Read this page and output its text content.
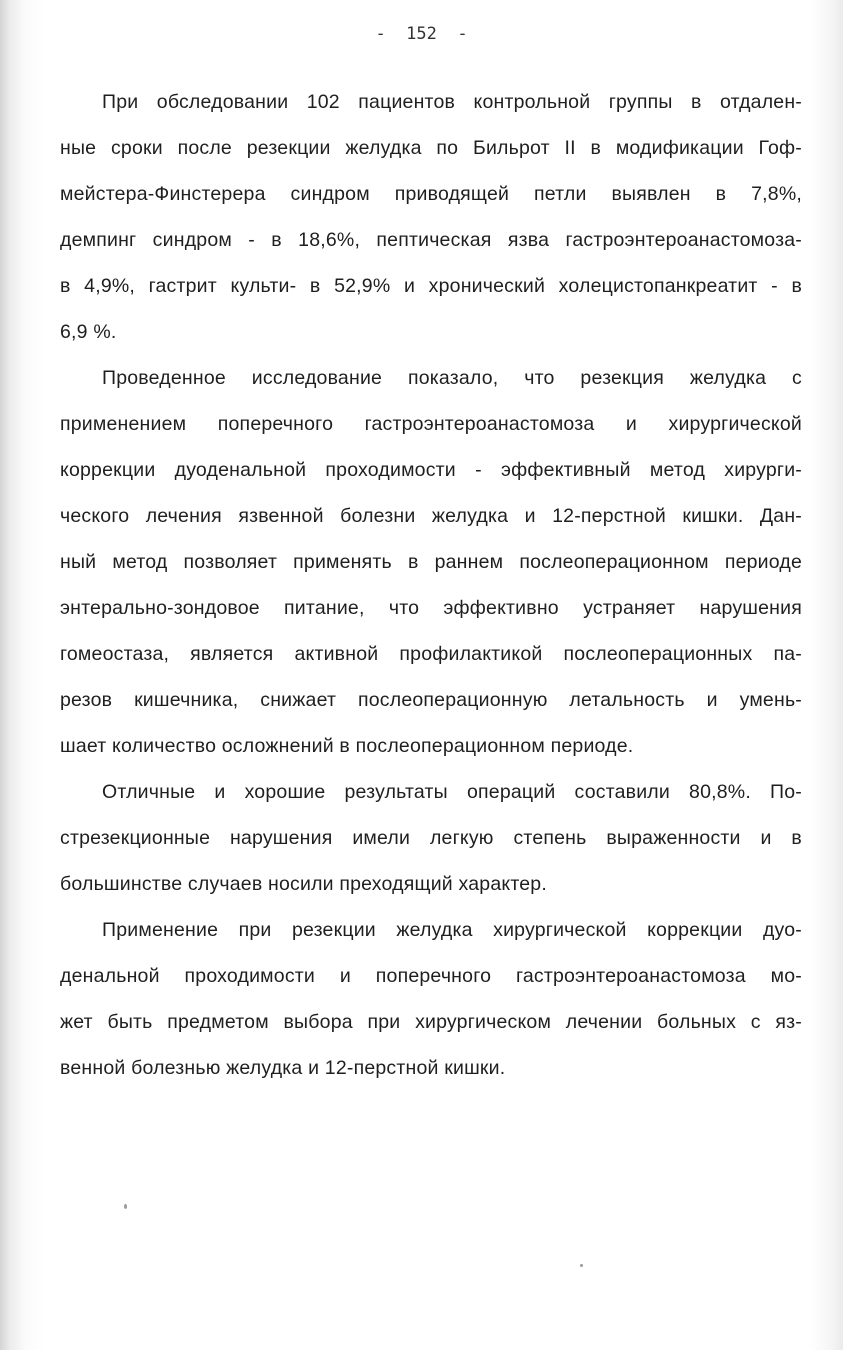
-  152  -
При обследовании 102 пациентов контрольной группы в отдален-
ные сроки после резекции желудка по Бильрот II в модификации Гоф-
мейстера-Финстерера синдром приводящей петли выявлен в 7,8%,
демпинг синдром - в 18,6%, пептическая язва гастроэнтероанастомоза-
в 4,9%, гастрит культи- в 52,9% и хронический холецистопанкреатит - в
6,9 %.
Проведенное исследование показало, что резекция желудка с
применением поперечного гастроэнтероанастомоза и хирургической
коррекции дуоденальной проходимости - эффективный метод хирурги-
ческого лечения язвенной болезни желудка и 12-перстной кишки. Дан-
ный метод позволяет применять в раннем послеоперационном периоде
энтерально-зондовое питание, что эффективно устраняет нарушения
гомеостаза, является активной профилактикой послеоперационных па-
резов кишечника, снижает послеоперационную летальность и умень-
шает количество осложнений в послеоперационном периоде.
Отличные и хорошие результаты операций составили 80,8%. По-
стрезекционные нарушения имели легкую степень выраженности и в
большинстве случаев носили преходящий характер.
Применение при резекции желудка хирургической коррекции дуо-
денальной проходимости и поперечного гастроэнтероанастомоза мо-
жет быть предметом выбора при хирургическом лечении больных с яз-
венной болезнью желудка и 12-перстной кишки.
